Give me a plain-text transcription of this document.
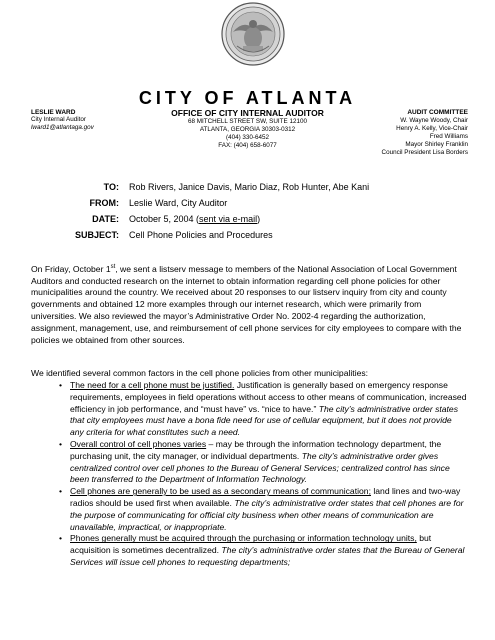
CITY OF ATLANTA
LESLIE WARD
City Internal Auditor
lward1@atlantaga.gov
OFFICE OF CITY INTERNAL AUDITOR
68 MITCHELL STREET SW, SUITE 12100
ATLANTA, GEORGIA 30303-0312
(404) 330-6452
FAX: (404) 658-6077
AUDIT COMMITTEE
W. Wayne Woody, Chair
Henry A. Kelly, Vice-Chair
Fred Williams
Mayor Shirley Franklin
Council President Lisa Borders
TO: Rob Rivers, Janice Davis, Mario Diaz, Rob Hunter, Abe Kani
FROM: Leslie Ward, City Auditor
DATE: October 5, 2004 (sent via e-mail)
SUBJECT: Cell Phone Policies and Procedures

On Friday, October 1st, we sent a listserv message to members of the National Association of Local Government Auditors and conducted research on the internet to obtain information regarding cell phone policies for other municipalities around the country. We received about 20 responses to our listserv inquiry from city and county governments and obtained 12 more examples through our internet research, which were primarily from universities. We also reviewed the mayor’s Administrative Order No. 2002-4 regarding the authorization, assignment, management, use, and reimbursement of cell phone services for city employees to compare with the policies we obtained from other sources.

We identified several common factors in the cell phone policies from other municipalities:

• The need for a cell phone must be justified. Justification is generally based on emergency response requirements, employees in field operations without access to other means of communication, increased efficiency in job performance, and “must have” vs. “nice to have.” The city’s administrative order states that city employees must have a bona fide need for use of cellular equipment, but it does not provide any criteria for what constitutes such a need.
• Overall control of cell phones varies – may be through the information technology department, the purchasing unit, the city manager, or individual departments. The city’s administrative order gives centralized control over cell phones to the Bureau of General Services; centralized control has since been transferred to the Department of Information Technology.
• Cell phones are generally to be used as a secondary means of communication; land lines and two-way radios should be used first when available. The city’s administrative order states that cell phones are for the purpose of communicating for official city business when other means of communication are unavailable, impractical, or inappropriate.
• Phones generally must be acquired through the purchasing or information technology units, but acquisition is sometimes decentralized. The city’s administrative order states that the Bureau of General Services will issue cell phones to requesting departments;
